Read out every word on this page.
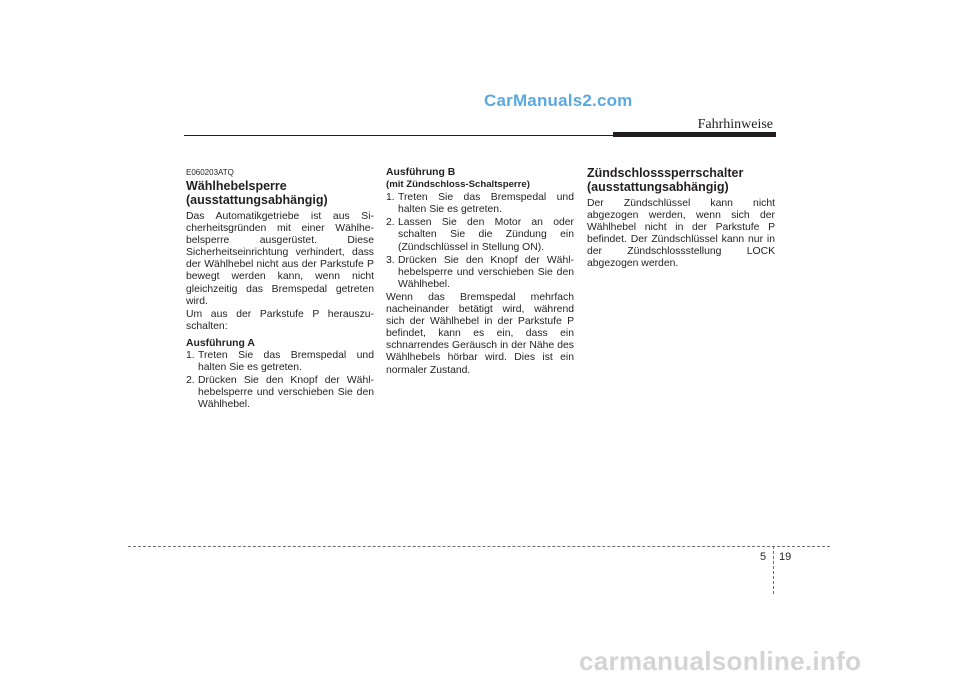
CarManuals2.com
Fahrhinweise
E060203ATQ
Wählhebelsperre
(ausstattungsabhängig)

Das Automatikgetriebe ist aus Si-cherheitsgründen mit einer Wählhe-belsperre ausgerüstet. Diese Sicherheitseinrichtung verhindert, dass der Wählhebel nicht aus der Parkstufe P bewegt werden kann, wenn nicht gleichzeitig das Bremspedal getreten wird.

Um aus der Parkstufe P herauszu-schalten:

Ausführung A
1. Treten Sie das Bremspedal und halten Sie es getreten.
2. Drücken Sie den Knopf der Wähl-hebelsperre und verschieben Sie den Wählhebel.
Ausführung B
(mit Zündschloss-Schaltsperre)
1. Treten Sie das Bremspedal und halten Sie es getreten.
2. Lassen Sie den Motor an oder schalten Sie die Zündung ein (Zündschlüssel in Stellung ON).
3. Drücken Sie den Knopf der Wähl-hebelsperre und verschieben Sie den Wählhebel.

Wenn das Bremspedal mehrfach nacheinander betätigt wird, während sich der Wählhebel in der Parkstufe P befindet, kann es ein, dass ein schnarrendes Geräusch in der Nähe des Wählhebels hörbar wird. Dies ist ein normaler Zustand.

Zündschlosssperrschalter
(ausstattungsabhängig)

Der Zündschlüssel kann nicht abgezogen werden, wenn sich der Wählhebel nicht in der Parkstufe P befindet. Der Zündschlüssel kann nur in der Zündschlossstellung LOCK abgezogen werden.

5 19
carmanualsonline.info
